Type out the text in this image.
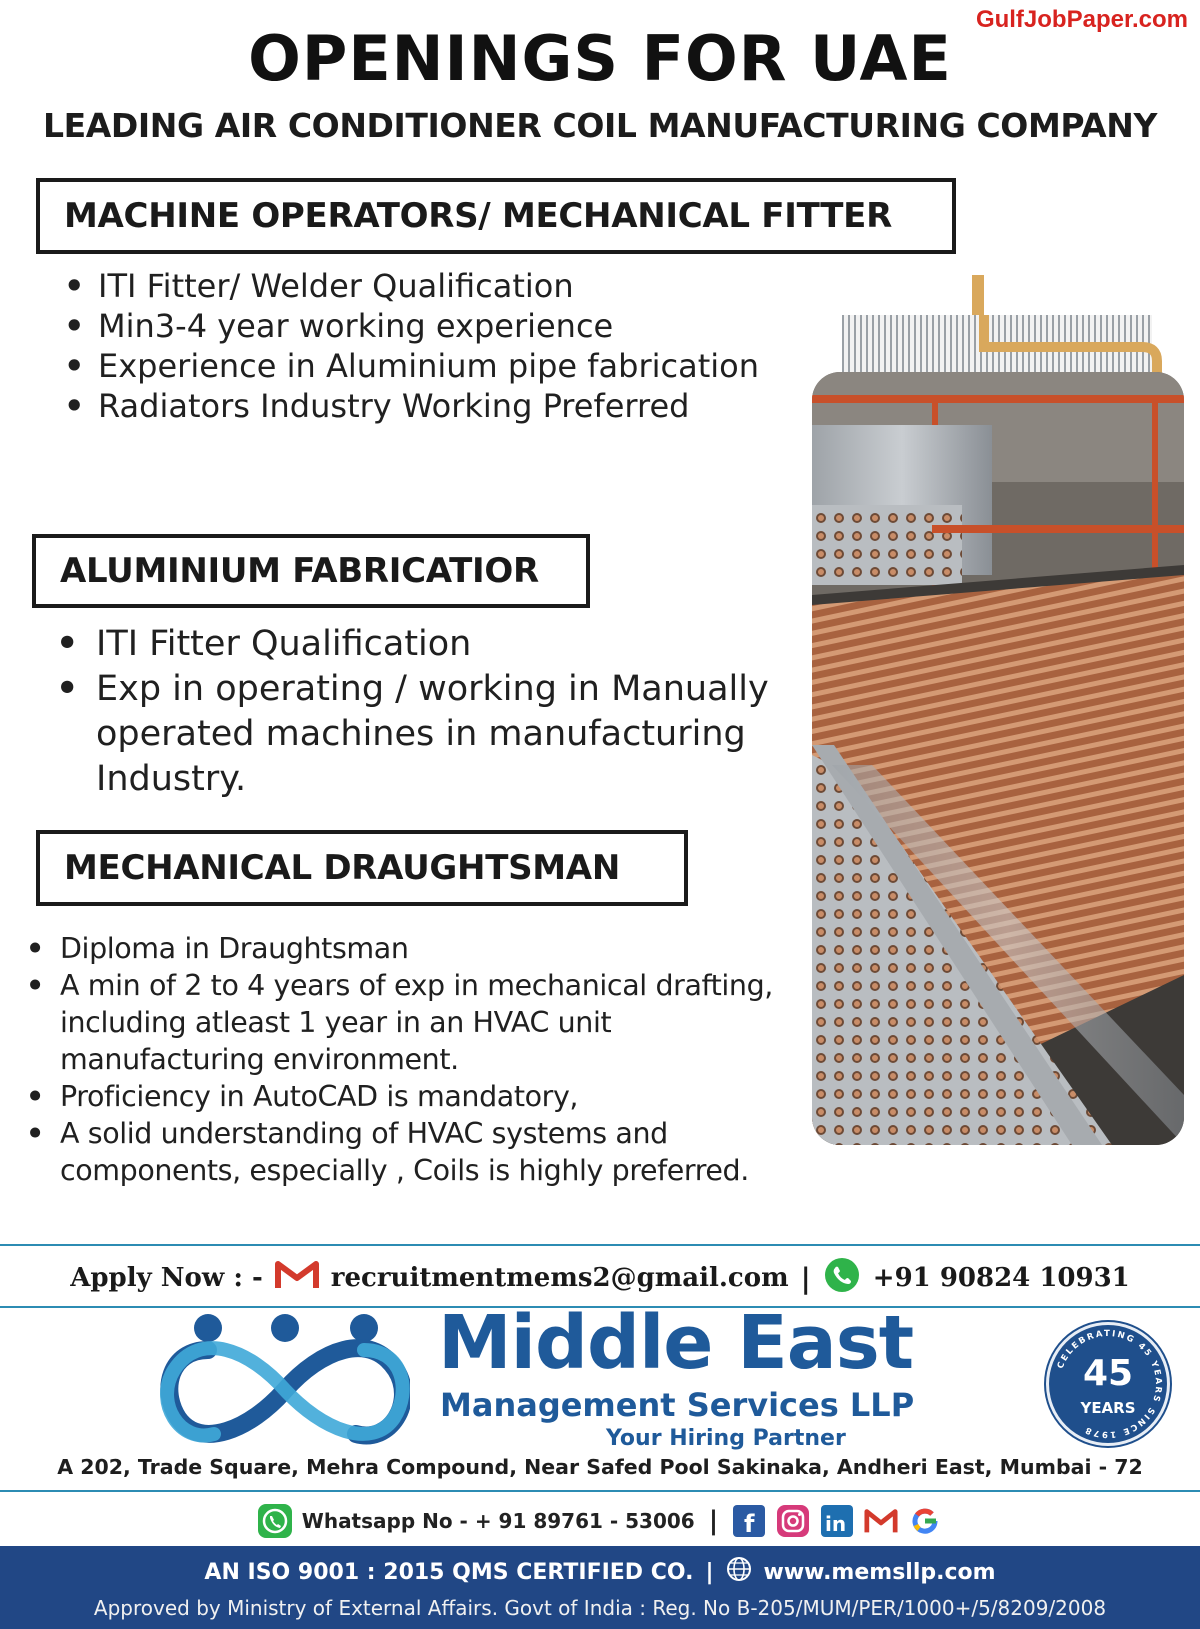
GulfJobPaper.com
OPENINGS FOR UAE
LEADING AIR CONDITIONER COIL MANUFACTURING COMPANY
MACHINE OPERATORS/ MECHANICAL FITTER
• ITI Fitter/ Welder Qualification
• Min3-4 year working experience
• Experience in Aluminium pipe fabrication
• Radiators Industry Working Preferred
ALUMINIUM FABRICATIOR
• ITI Fitter Qualification
• Exp in operating / working in Manually operated machines in manufacturing Industry.
MECHANICAL DRAUGHTSMAN
• Diploma in Draughtsman
• A min of 2 to 4 years of exp in mechanical drafting, including atleast 1 year in an HVAC unit manufacturing environment.
• Proficiency in AutoCAD is mandatory,
• A solid understanding of HVAC systems and components, especially , Coils is highly preferred.
Apply Now : -	recruitmentmems2@gmail.com | +91 90824 10931
Middle East
Management Services LLP
Your Hiring Partner
CELEBRATING 45 YEARS SINCE 1978
45
YEARS
A 202, Trade Square, Mehra Compound, Near Safed Pool Sakinaka, Andheri East, Mumbai - 72
Whatsapp No - + 91 89761 - 53006 | f	in
AN ISO 9001 : 2015 QMS CERTIFIED CO. | www.memsllp.com
Approved by Ministry of External Affairs. Govt of India : Reg. No B-205/MUM/PER/1000+/5/8209/2008
